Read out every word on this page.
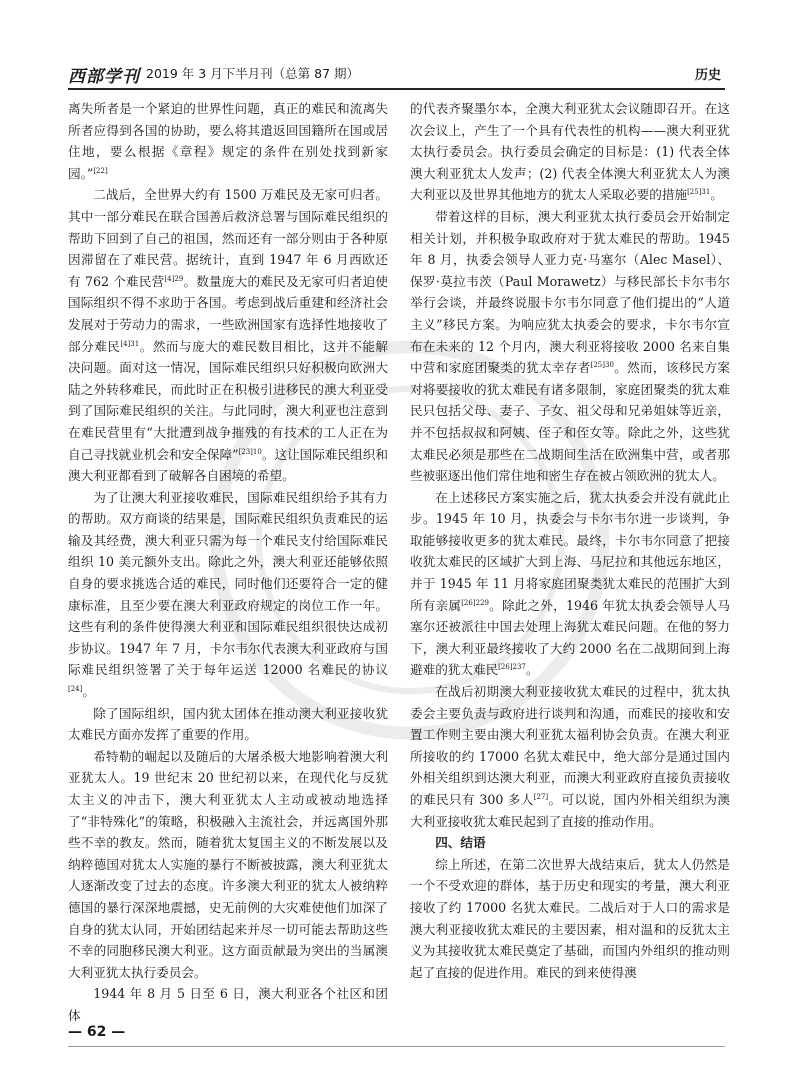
西部学刊 2019 年 3 月下半月刊（总第 87 期）	历史

离失所者是一个紧迫的世界性问题，真正的难民和流离失所者应得到各国的协助，要么将其遣返回国籍所在国或居住地，要么根据《章程》规定的条件在别处找到新家园。”[22]

二战后，全世界大约有 1500 万难民及无家可归者。其中一部分难民在联合国善后救济总署与国际难民组织的帮助下回到了自己的祖国，然而还有一部分则由于各种原因滞留在了难民营。据统计，直到 1947 年 6 月西欧还有 762 个难民营$^{[4]29}$。数量庞大的难民及无家可归者迫使国际组织不得不求助于各国。考虑到战后重建和经济社会发展对于劳动力的需求，一些欧洲国家有选择性地接收了部分难民$^{[4]31}$。然而与庞大的难民数目相比，这并不能解决问题。面对这一情况，国际难民组织只好积极向欧洲大陆之外转移难民，而此时正在积极引进移民的澳大利亚受到了国际难民组织的关注。与此同时，澳大利亚也注意到在难民营里有“大批遭到战争摧残的有技术的工人正在为自己寻找就业机会和安全保障”$^{[23]10}$。这让国际难民组织和澳大利亚都看到了破解各自困境的希望。

为了让澳大利亚接收难民，国际难民组织给予其有力的帮助。双方商谈的结果是，国际难民组织负责难民的运输及其经费，澳大利亚只需为每一个难民支付给国际难民组织 10 美元额外支出。除此之外，澳大利亚还能够依照自身的要求挑选合适的难民，同时他们还要符合一定的健康标准，且至少要在澳大利亚政府规定的岗位工作一年。这些有利的条件使得澳大利亚和国际难民组织很快达成初步协议。1947 年 7 月，卡尔韦尔代表澳大利亚政府与国际难民组织签署了关于每年运送 12000 名难民的协议[24]。

除了国际组织，国内犹太团体在推动澳大利亚接收犹太难民方面亦发挥了重要的作用。

希特勒的崛起以及随后的大屠杀极大地影响着澳大利亚犹太人。19 世纪末 20 世纪初以来，在现代化与反犹太主义的冲击下，澳大利亚犹太人主动或被动地选择了“非特殊化”的策略，积极融入主流社会，并远离国外那些不幸的教友。然而，随着犹太复国主义的不断发展以及纳粹德国对犹太人实施的暴行不断被披露，澳大利亚犹太人逐渐改变了过去的态度。许多澳大利亚的犹太人被纳粹德国的暴行深深地震撼，史无前例的大灾难使他们加深了自身的犹太认同，开始团结起来并尽一切可能去帮助这些不幸的同胞移民澳大利亚。这方面贡献最为突出的当属澳大利亚犹太执行委员会。

1944 年 8 月 5 日至 6 日，澳大利亚各个社区和团体

的代表齐聚墨尔本，全澳大利亚犹太会议随即召开。在这次会议上，产生了一个具有代表性的机构——澳大利亚犹太执行委员会。执行委员会确定的目标是：(1) 代表全体澳大利亚犹太人发声；(2) 代表全体澳大利亚犹太人为澳大利亚以及世界其他地方的犹太人采取必要的措施$^{[25]31}$。

带着这样的目标，澳大利亚犹太执行委员会开始制定相关计划，并积极争取政府对于犹太难民的帮助。1945 年 8 月，执委会领导人亚力克·马塞尔（Alec Masel）、保罗·莫拉韦茨（Paul Morawetz）与移民部长卡尔韦尔举行会谈，并最终说服卡尔韦尔同意了他们提出的“人道主义”移民方案。为响应犹太执委会的要求，卡尔韦尔宣布在未来的 12 个月内，澳大利亚将接收 2000 名来自集中营和家庭团聚类的犹太幸存者$^{[25]30}$。然而，该移民方案对将要接收的犹太难民有诸多限制，家庭团聚类的犹太难民只包括父母、妻子、子女、祖父母和兄弟姐妹等近亲，并不包括叔叔和阿姨、侄子和侄女等。除此之外，这些犹太难民必须是那些在二战期间生活在欧洲集中营，或者那些被驱逐出他们常住地和密生存在被占领欧洲的犹太人。

在上述移民方案实施之后，犹太执委会并没有就此止步。1945 年 10 月，执委会与卡尔韦尔进一步谈判，争取能够接收更多的犹太难民。最终，卡尔韦尔同意了把接收犹太难民的区域扩大到上海、马尼拉和其他远东地区，并于 1945 年 11 月将家庭团聚类犹太难民的范围扩大到所有亲属$^{[26]229}$。除此之外，1946 年犹太执委会领导人马塞尔还被派往中国去处理上海犹太难民问题。在他的努力下，澳大利亚最终接收了大约 2000 名在二战期间到上海避难的犹太难民$^{[26]237}$。

在战后初期澳大利亚接收犹太难民的过程中，犹太执委会主要负责与政府进行谈判和沟通，而难民的接收和安置工作则主要由澳大利亚犹太福利协会负责。在澳大利亚所接收的约 17000 名犹太难民中，绝大部分是通过国内外相关组织到达澳大利亚，而澳大利亚政府直接负责接收的难民只有 300 多人[27]。可以说，国内外相关组织为澳大利亚接收犹太难民起到了直接的推动作用。

四、结语

综上所述，在第二次世界大战结束后，犹太人仍然是一个不受欢迎的群体，基于历史和现实的考量，澳大利亚接收了约 17000 名犹太难民。二战后对于人口的需求是澳大利亚接收犹太难民的主要因素，相对温和的反犹太主义为其接收犹太难民奠定了基础，而国内外组织的推动则起了直接的促进作用。难民的到来使得澳

— 62 —
